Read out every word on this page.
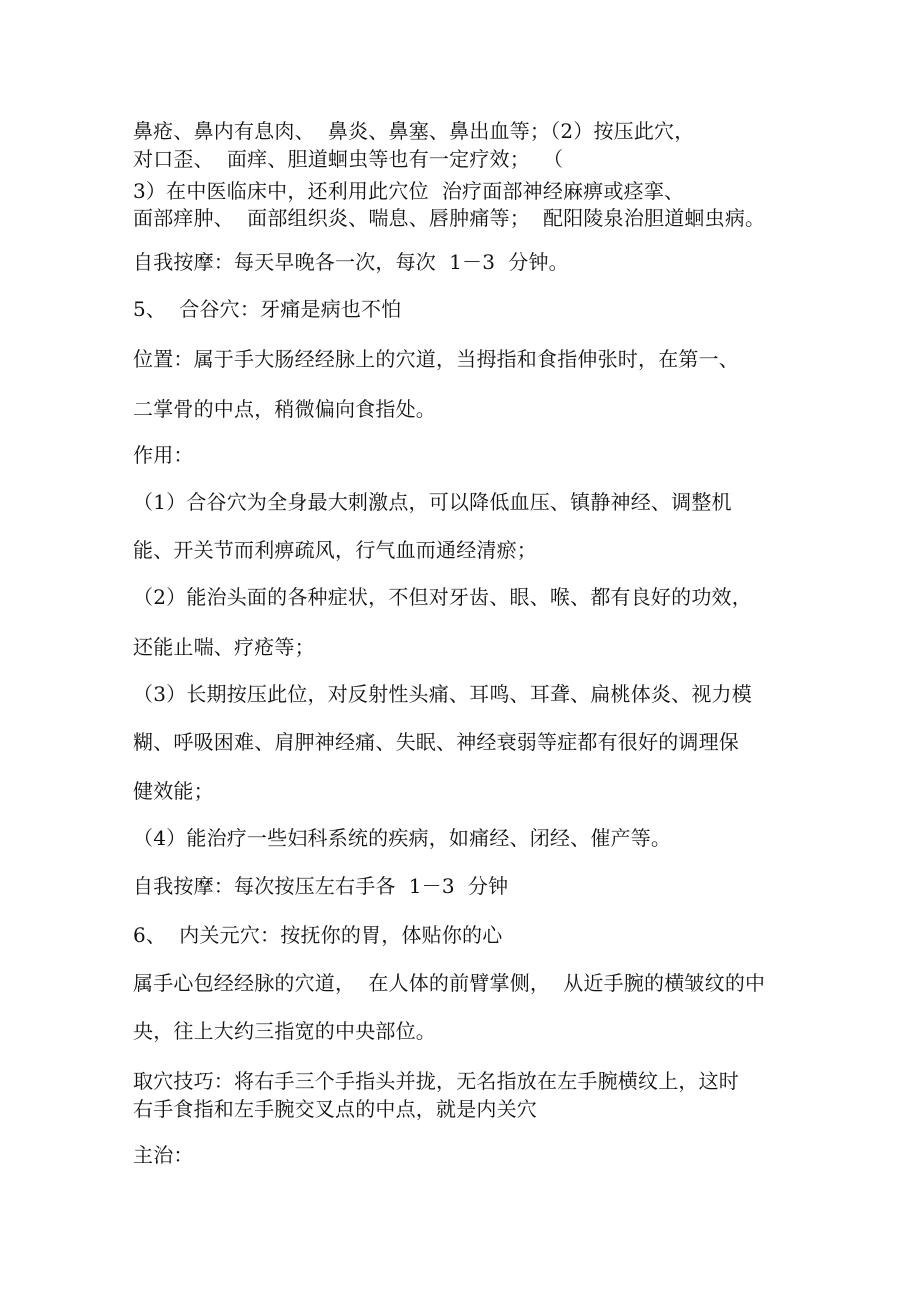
鼻疮、鼻内有息肉、  鼻炎、鼻塞、鼻出血等；（2）按压此穴，
对口歪、  面痒、胆道蛔虫等也有一定疗效；  （
3）在中医临床中，还利用此穴位  治疗面部神经麻痹或痉挛、
面部痒肿、  面部组织炎、喘息、唇肿痛等；  配阳陵泉治胆道蛔虫病。
自我按摩：每天早晚各一次，每次  1－3  分钟。
5、  合谷穴：牙痛是病也不怕
位置：属于手大肠经经脉上的穴道，当拇指和食指伸张时，在第一、
二掌骨的中点，稍微偏向食指处。
作用：
（1）合谷穴为全身最大刺激点，可以降低血压、镇静神经、调整机
能、开关节而利痹疏风，行气血而通经清瘀；
（2）能治头面的各种症状，不但对牙齿、眼、喉、都有良好的功效，
还能止喘、疗疮等；
（3）长期按压此位，对反射性头痛、耳鸣、耳聋、扁桃体炎、视力模
糊、呼吸困难、肩胛神经痛、失眠、神经衰弱等症都有很好的调理保
健效能；
（4）能治疗一些妇科系统的疾病，如痛经、闭经、催产等。
自我按摩：每次按压左右手各  1－3  分钟
6、  内关元穴：按抚你的胃，体贴你的心
属手心包经经脉的穴道，  在人体的前臂掌侧，  从近手腕的横皱纹的中
央，往上大约三指宽的中央部位。
取穴技巧：将右手三个手指头并拢，无名指放在左手腕横纹上，这时
右手食指和左手腕交叉点的中点，就是内关穴
主治：
